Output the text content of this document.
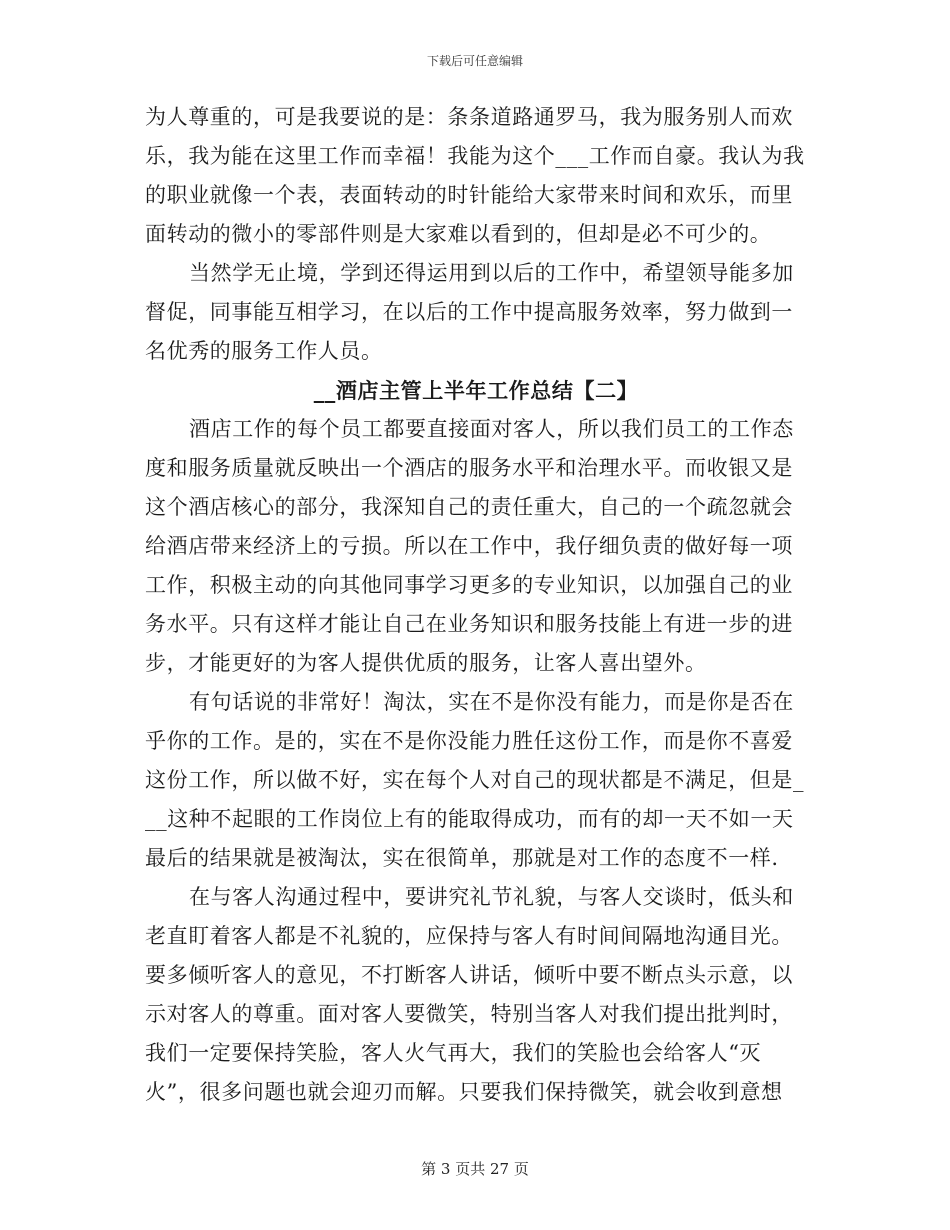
下载后可任意编辑
为人尊重的，可是我要说的是：条条道路通罗马，我为服务别人而欢
乐，我为能在这里工作而幸福！我能为这个___工作而自豪。我认为我
的职业就像一个表，表面转动的时针能给大家带来时间和欢乐，而里
面转动的微小的零部件则是大家难以看到的，但却是必不可少的。
当然学无止境，学到还得运用到以后的工作中，希望领导能多加
督促，同事能互相学习，在以后的工作中提高服务效率，努力做到一
名优秀的服务工作人员。
__酒店主管上半年工作总结【二】
酒店工作的每个员工都要直接面对客人，所以我们员工的工作态
度和服务质量就反映出一个酒店的服务水平和治理水平。而收银又是
这个酒店核心的部分，我深知自己的责任重大，自己的一个疏忽就会
给酒店带来经济上的亏损。所以在工作中，我仔细负责的做好每一项
工作，积极主动的向其他同事学习更多的专业知识，以加强自己的业
务水平。只有这样才能让自己在业务知识和服务技能上有进一步的进
步，才能更好的为客人提供优质的服务，让客人喜出望外。
有句话说的非常好！淘汰，实在不是你没有能力，而是你是否在
乎你的工作。是的，实在不是你没能力胜任这份工作，而是你不喜爱
这份工作，所以做不好，实在每个人对自己的现状都是不满足，但是_
__这种不起眼的工作岗位上有的能取得成功，而有的却一天不如一天
最后的结果就是被淘汰，实在很简单，那就是对工作的态度不一样.
在与客人沟通过程中，要讲究礼节礼貌，与客人交谈时，低头和
老直盯着客人都是不礼貌的，应保持与客人有时间间隔地沟通目光。
要多倾听客人的意见，不打断客人讲话，倾听中要不断点头示意，以
示对客人的尊重。面对客人要微笑，特别当客人对我们提出批判时，
我们一定要保持笑脸，客人火气再大，我们的笑脸也会给客人“灭
火”，很多问题也就会迎刃而解。只要我们保持微笑，就会收到意想
第 3 页共 27 页
